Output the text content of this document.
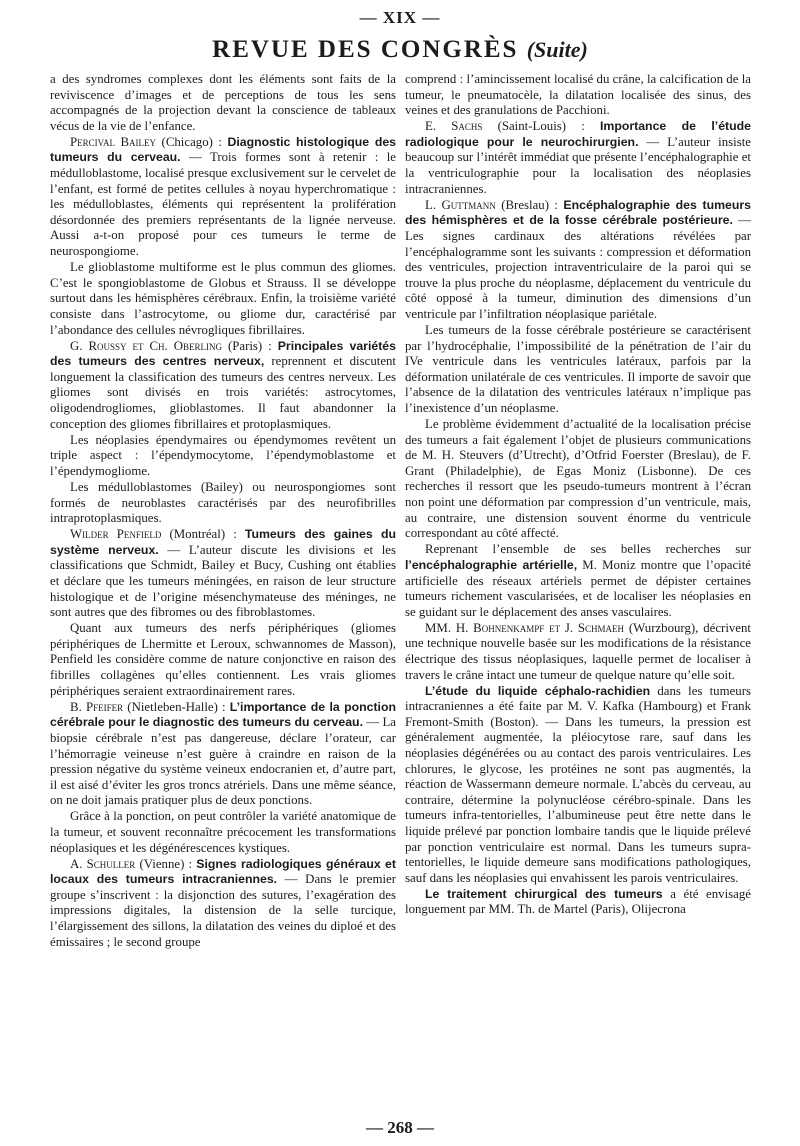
— XIX —
REVUE DES CONGRÈS (Suite)

a des syndromes complexes dont les éléments sont faits de la reviviscence d’images et de perceptions de tous les sens accompagnés de la projection devant la conscience de tableaux vécus de la vie de l’enfance.

Percival Bailey (Chicago) : Diagnostic histologique des tumeurs du cerveau. — Trois formes sont à retenir : le médulloblastome, localisé presque exclusivement sur le cervelet de l’enfant, est formé de petites cellules à noyau hyperchromatique : les médulloblastes, éléments qui représentent la prolifération désordonnée des premiers représentants de la lignée nerveuse. Aussi a-t-on proposé pour ces tumeurs le terme de neurospongiome.

Le glioblastome multiforme est le plus commun des gliomes. C’est le spongioblastome de Globus et Strauss. Il se développe surtout dans les hémisphères cérébraux. Enfin, la troisième variété consiste dans l’astrocytome, ou gliome dur, caractérisé par l’abondance des cellules névrogliques fibrillaires.

G. Roussy et Ch. Oberling (Paris) : Principales variétés des tumeurs des centres nerveux, reprennent et discutent longuement la classification des tumeurs des centres nerveux. Les gliomes sont divisés en trois variétés: astrocytomes, oligodendrogliomes, glioblastomes. Il faut abandonner la conception des gliomes fibrillaires et protoplasmiques.

Les néoplasies épendymaires ou épendymomes revêtent un triple aspect : l’épendymocytome, l’épendymoblastome et l’épendymogliome.

Les médulloblastomes (Bailey) ou neurospongiomes sont formés de neuroblastes caractérisés par des neurofibrilles intraprotoplasmiques.

Wilder Penfield (Montréal) : Tumeurs des gaines du système nerveux. — L’auteur discute les divisions et les classifications que Schmidt, Bailey et Bucy, Cushing ont établies et déclare que les tumeurs méningées, en raison de leur structure histologique et de l’origine mésenchymateuse des méninges, ne sont autres que des fibromes ou des fibroblastomes.

Quant aux tumeurs des nerfs périphériques (gliomes périphériques de Lhermitte et Leroux, schwannomes de Masson), Penfield les considère comme de nature conjonctive en raison des fibrilles collagènes qu’elles contiennent. Les vrais gliomes périphériques seraient extraordinairement rares.

B. Pfeifer (Nietleben-Halle) : L’importance de la ponction cérébrale pour le diagnostic des tumeurs du cerveau. — La biopsie cérébrale n’est pas dangereuse, déclare l’orateur, car l’hémorragie veineuse n’est guère à craindre en raison de la pression négative du système veineux endocranien et, d’autre part, il est aisé d’éviter les gros troncs atrériels. Dans une même séance, on ne doit jamais pratiquer plus de deux ponctions.

Grâce à la ponction, on peut contrôler la variété anatomique de la tumeur, et souvent reconnaître précocement les transformations néoplasiques et les dégénérescences kystiques.

A. Schuller (Vienne) : Signes radiologiques généraux et locaux des tumeurs intracraniennes. — Dans le premier groupe s’inscrivent : la disjonction des sutures, l’exagération des impressions digitales, la distension de la selle turcique, l’élargissement des sillons, la dilatation des veines du diploé et des émissaires ; le second groupe

comprend : l’amincissement localisé du crâne, la calcification de la tumeur, le pneumatocèle, la dilatation localisée des sinus, des veines et des granulations de Pacchioni.

E. Sachs (Saint-Louis) : Importance de l’étude radiologique pour le neurochirurgien. — L’auteur insiste beaucoup sur l’intérêt immédiat que présente l’encéphalographie et la ventriculographie pour la localisation des néoplasies intracraniennes.

L. Guttmann (Breslau) : Encéphalographie des tumeurs des hémisphères et de la fosse cérébrale postérieure. — Les signes cardinaux des altérations révélées par l’encéphalogramme sont les suivants : compression et déformation des ventricules, projection intraventriculaire de la paroi qui se trouve la plus proche du néoplasme, déplacement du ventricule du côté opposé à la tumeur, diminution des dimensions d’un ventricule par l’infiltration néoplasique pariétale.

Les tumeurs de la fosse cérébrale postérieure se caractérisent par l’hydrocéphalie, l’impossibilité de la pénétration de l’air du IVe ventricule dans les ventricules latéraux, parfois par la déformation unilatérale de ces ventricules. Il importe de savoir que l’absence de la dilatation des ventricules latéraux n’implique pas l’inexistence d’un néoplasme.

Le problème évidemment d’actualité de la localisation précise des tumeurs a fait également l’objet de plusieurs communications de M. H. Steuvers (d’Utrecht), d’Otfrid Foerster (Breslau), de F. Grant (Philadelphie), de Egas Moniz (Lisbonne). De ces recherches il ressort que les pseudo-tumeurs montrent à l’écran non point une déformation par compression d’un ventricule, mais, au contraire, une distension souvent énorme du ventricule correspondant au côté affecté.

Reprenant l’ensemble de ses belles recherches sur l’encéphalographie artérielle, M. Moniz montre que l’opacité artificielle des réseaux artériels permet de dépister certaines tumeurs richement vascularisées, et de localiser les néoplasies en se guidant sur le déplacement des anses vasculaires.

MM. H. Bohnenkampf et J. Schmaeh (Wurzbourg), décrivent une technique nouvelle basée sur les modifications de la résistance électrique des tissus néoplasiques, laquelle permet de localiser à travers le crâne intact une tumeur de quelque nature qu’elle soit.

L’étude du liquide céphalo-rachidien dans les tumeurs intracraniennes a été faite par M. V. Kafka (Hambourg) et Frank Fremont-Smith (Boston). — Dans les tumeurs, la pression est généralement augmentée, la pléiocytose rare, sauf dans les néoplasies dégénérées ou au contact des parois ventriculaires. Les chlorures, le glycose, les protéines ne sont pas augmentés, la réaction de Wassermann demeure normale. L’abcès du cerveau, au contraire, détermine la polynucléose cérébro-spinale. Dans les tumeurs infra-tentorielles, l’albumineuse peut être nette dans le liquide prélevé par ponction lombaire tandis que le liquide prélevé par ponction ventriculaire est normal. Dans les tumeurs supra-tentorielles, le liquide demeure sans modifications pathologiques, sauf dans les néoplasies qui envahissent les parois ventriculaires.

Le traitement chirurgical des tumeurs a été envisagé longuement par MM. Th. de Martel (Paris), Olijecrona

— 268 —
